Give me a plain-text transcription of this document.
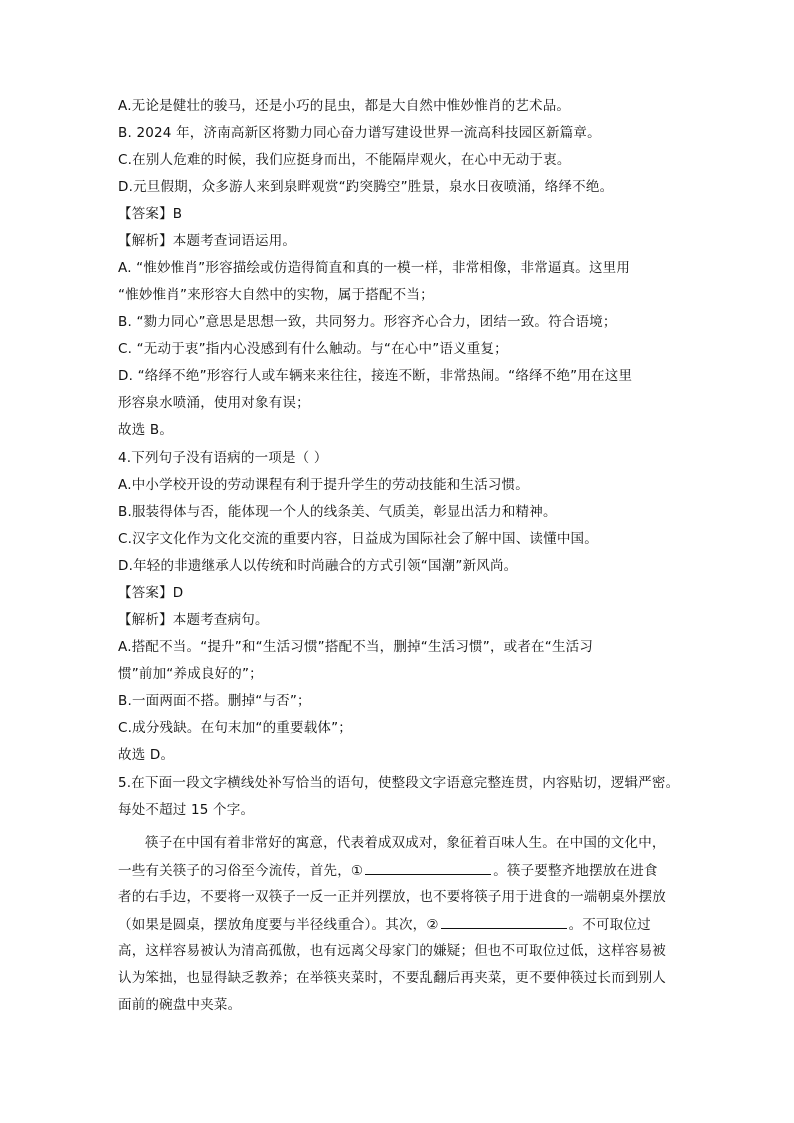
A.无论是健壮的骏马，还是小巧的昆虫，都是大自然中惟妙惟肖的艺术品。
B. 2024 年，济南高新区将勠力同心奋力谱写建设世界一流高科技园区新篇章。
C.在别人危难的时候，我们应挺身而出，不能隔岸观火，在心中无动于衷。
D.元旦假期，众多游人来到泉畔观赏“趵突腾空”胜景，泉水日夜喷涌，络绎不绝。
【答案】B
【解析】本题考查词语运用。
A. “惟妙惟肖”形容描绘或仿造得简直和真的一模一样，非常相像，非常逼真。这里用
“惟妙惟肖”来形容大自然中的实物，属于搭配不当；
B. “勠力同心”意思是思想一致，共同努力。形容齐心合力，团结一致。符合语境；
C. “无动于衷”指内心没感到有什么触动。与“在心中”语义重复；
D. “络绎不绝”形容行人或车辆来来往往，接连不断，非常热闹。“络绎不绝”用在这里
形容泉水喷涌，使用对象有误；
故选 B。
4.下列句子没有语病的一项是（ ）
A.中小学校开设的劳动课程有利于提升学生的劳动技能和生活习惯。
B.服装得体与否，能体现一个人的线条美、气质美，彰显出活力和精神。
C.汉字文化作为文化交流的重要内容，日益成为国际社会了解中国、读懂中国。
D.年轻的非遗继承人以传统和时尚融合的方式引领“国潮”新风尚。
【答案】D
【解析】本题考查病句。
A.搭配不当。“提升”和“生活习惯”搭配不当，删掉“生活习惯”，或者在“生活习
惯”前加“养成良好的”；
B.一面两面不搭。删掉“与否”；
C.成分残缺。在句末加“的重要载体”；
故选 D。
5.在下面一段文字横线处补写恰当的语句，使整段文字语意完整连贯，内容贴切，逻辑严密。
每处不超过 15 个字。
筷子在中国有着非常好的寓意，代表着成双成对，象征着百味人生。在中国的文化中，
一些有关筷子的习俗至今流传，首先，①	。筷子要整齐地摆放在进食
者的右手边，不要将一双筷子一反一正并列摆放，也不要将筷子用于进食的一端朝桌外摆放
（如果是圆桌，摆放角度要与半径线重合）。其次，②	。不可取位过
高，这样容易被认为清高孤傲，也有远离父母家门的嫌疑；但也不可取位过低，这样容易被
认为笨拙，也显得缺乏教养；在举筷夹菜时，不要乱翻后再夹菜，更不要伸筷过长而到别人
面前的碗盘中夹菜。
